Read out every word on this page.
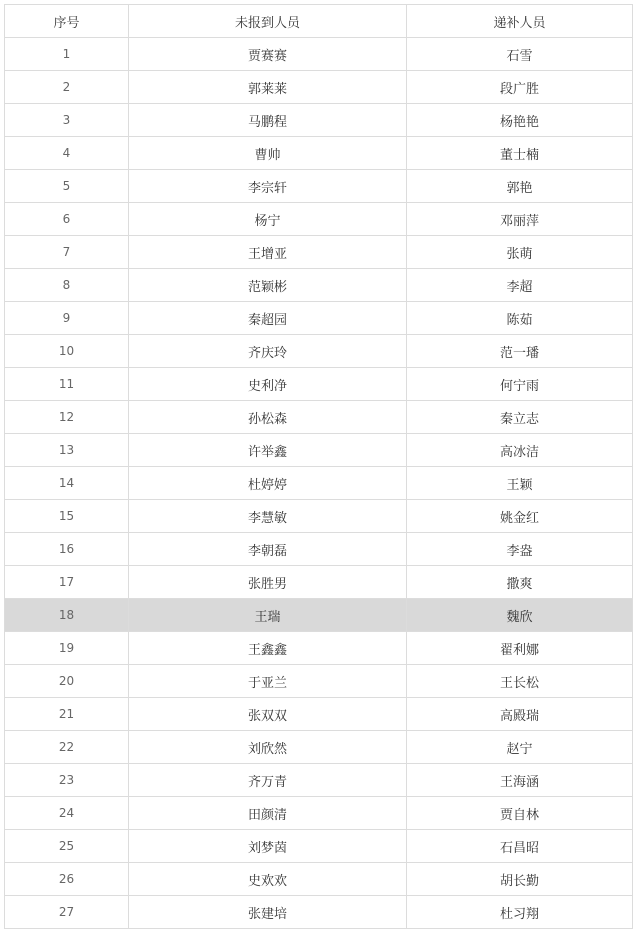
序号	未报到人员	递补人员
1	贾赛赛	石雪
2	郭莱莱	段广胜
3	马鹏程	杨艳艳
4	曹帅	董士楠
5	李宗轩	郭艳
6	杨宁	邓丽萍
7	王增亚	张萌
8	范颖彬	李超
9	秦超园	陈茹
10	齐庆玲	范一璠
11	史利净	何宁雨
12	孙松森	秦立志
13	许举鑫	高冰洁
14	杜婷婷	王颖
15	李慧敏	姚金红
16	李朝磊	李盎
17	张胜男	撒爽
18	王瑞	魏欣
19	王鑫鑫	翟利娜
20	于亚兰	王长松
21	张双双	高殿瑞
22	刘欣然	赵宁
23	齐万青	王海涵
24	田颜清	贾自林
25	刘梦茵	石昌昭
26	史欢欢	胡长勤
27	张建培	杜习翔
